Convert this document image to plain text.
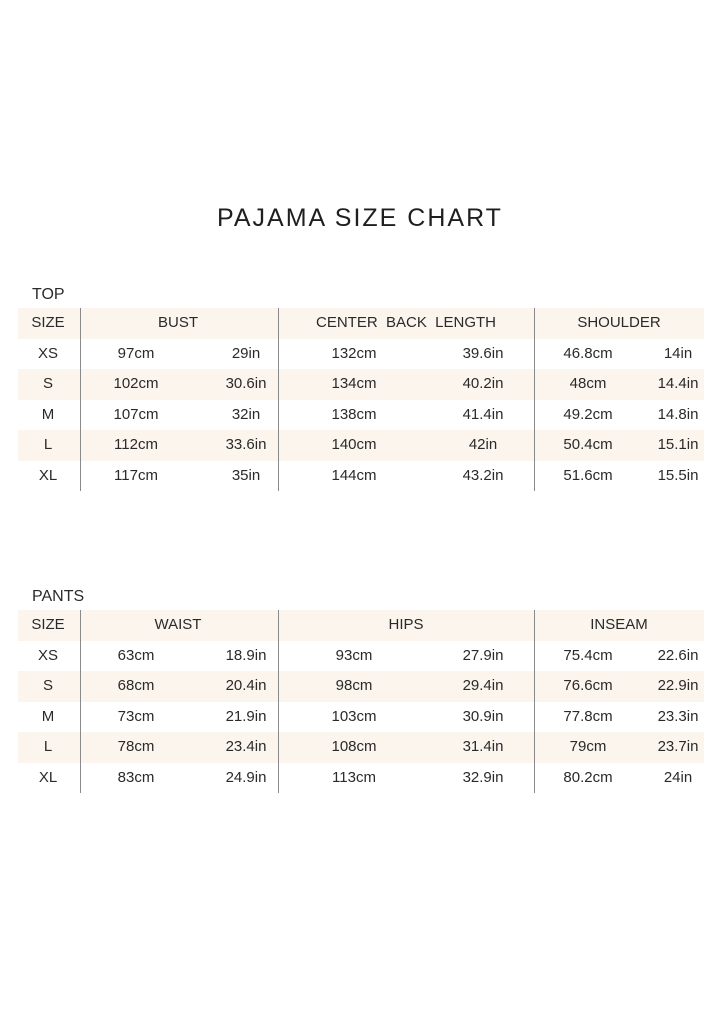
PAJAMA SIZE CHART
TOP
SIZE	BUST	CENTER  BACK  LENGTH	SHOULDER
XS	97cm	29in	132cm	39.6in	46.8cm	14in
S	102cm	30.6in	134cm	40.2in	48cm	14.4in
M	107cm	32in	138cm	41.4in	49.2cm	14.8in
L	112cm	33.6in	140cm	42in	50.4cm	15.1in
XL	117cm	35in	144cm	43.2in	51.6cm	15.5in
PANTS
SIZE	WAIST	HIPS	INSEAM
XS	63cm	18.9in	93cm	27.9in	75.4cm	22.6in
S	68cm	20.4in	98cm	29.4in	76.6cm	22.9in
M	73cm	21.9in	103cm	30.9in	77.8cm	23.3in
L	78cm	23.4in	108cm	31.4in	79cm	23.7in
XL	83cm	24.9in	113cm	32.9in	80.2cm	24in
